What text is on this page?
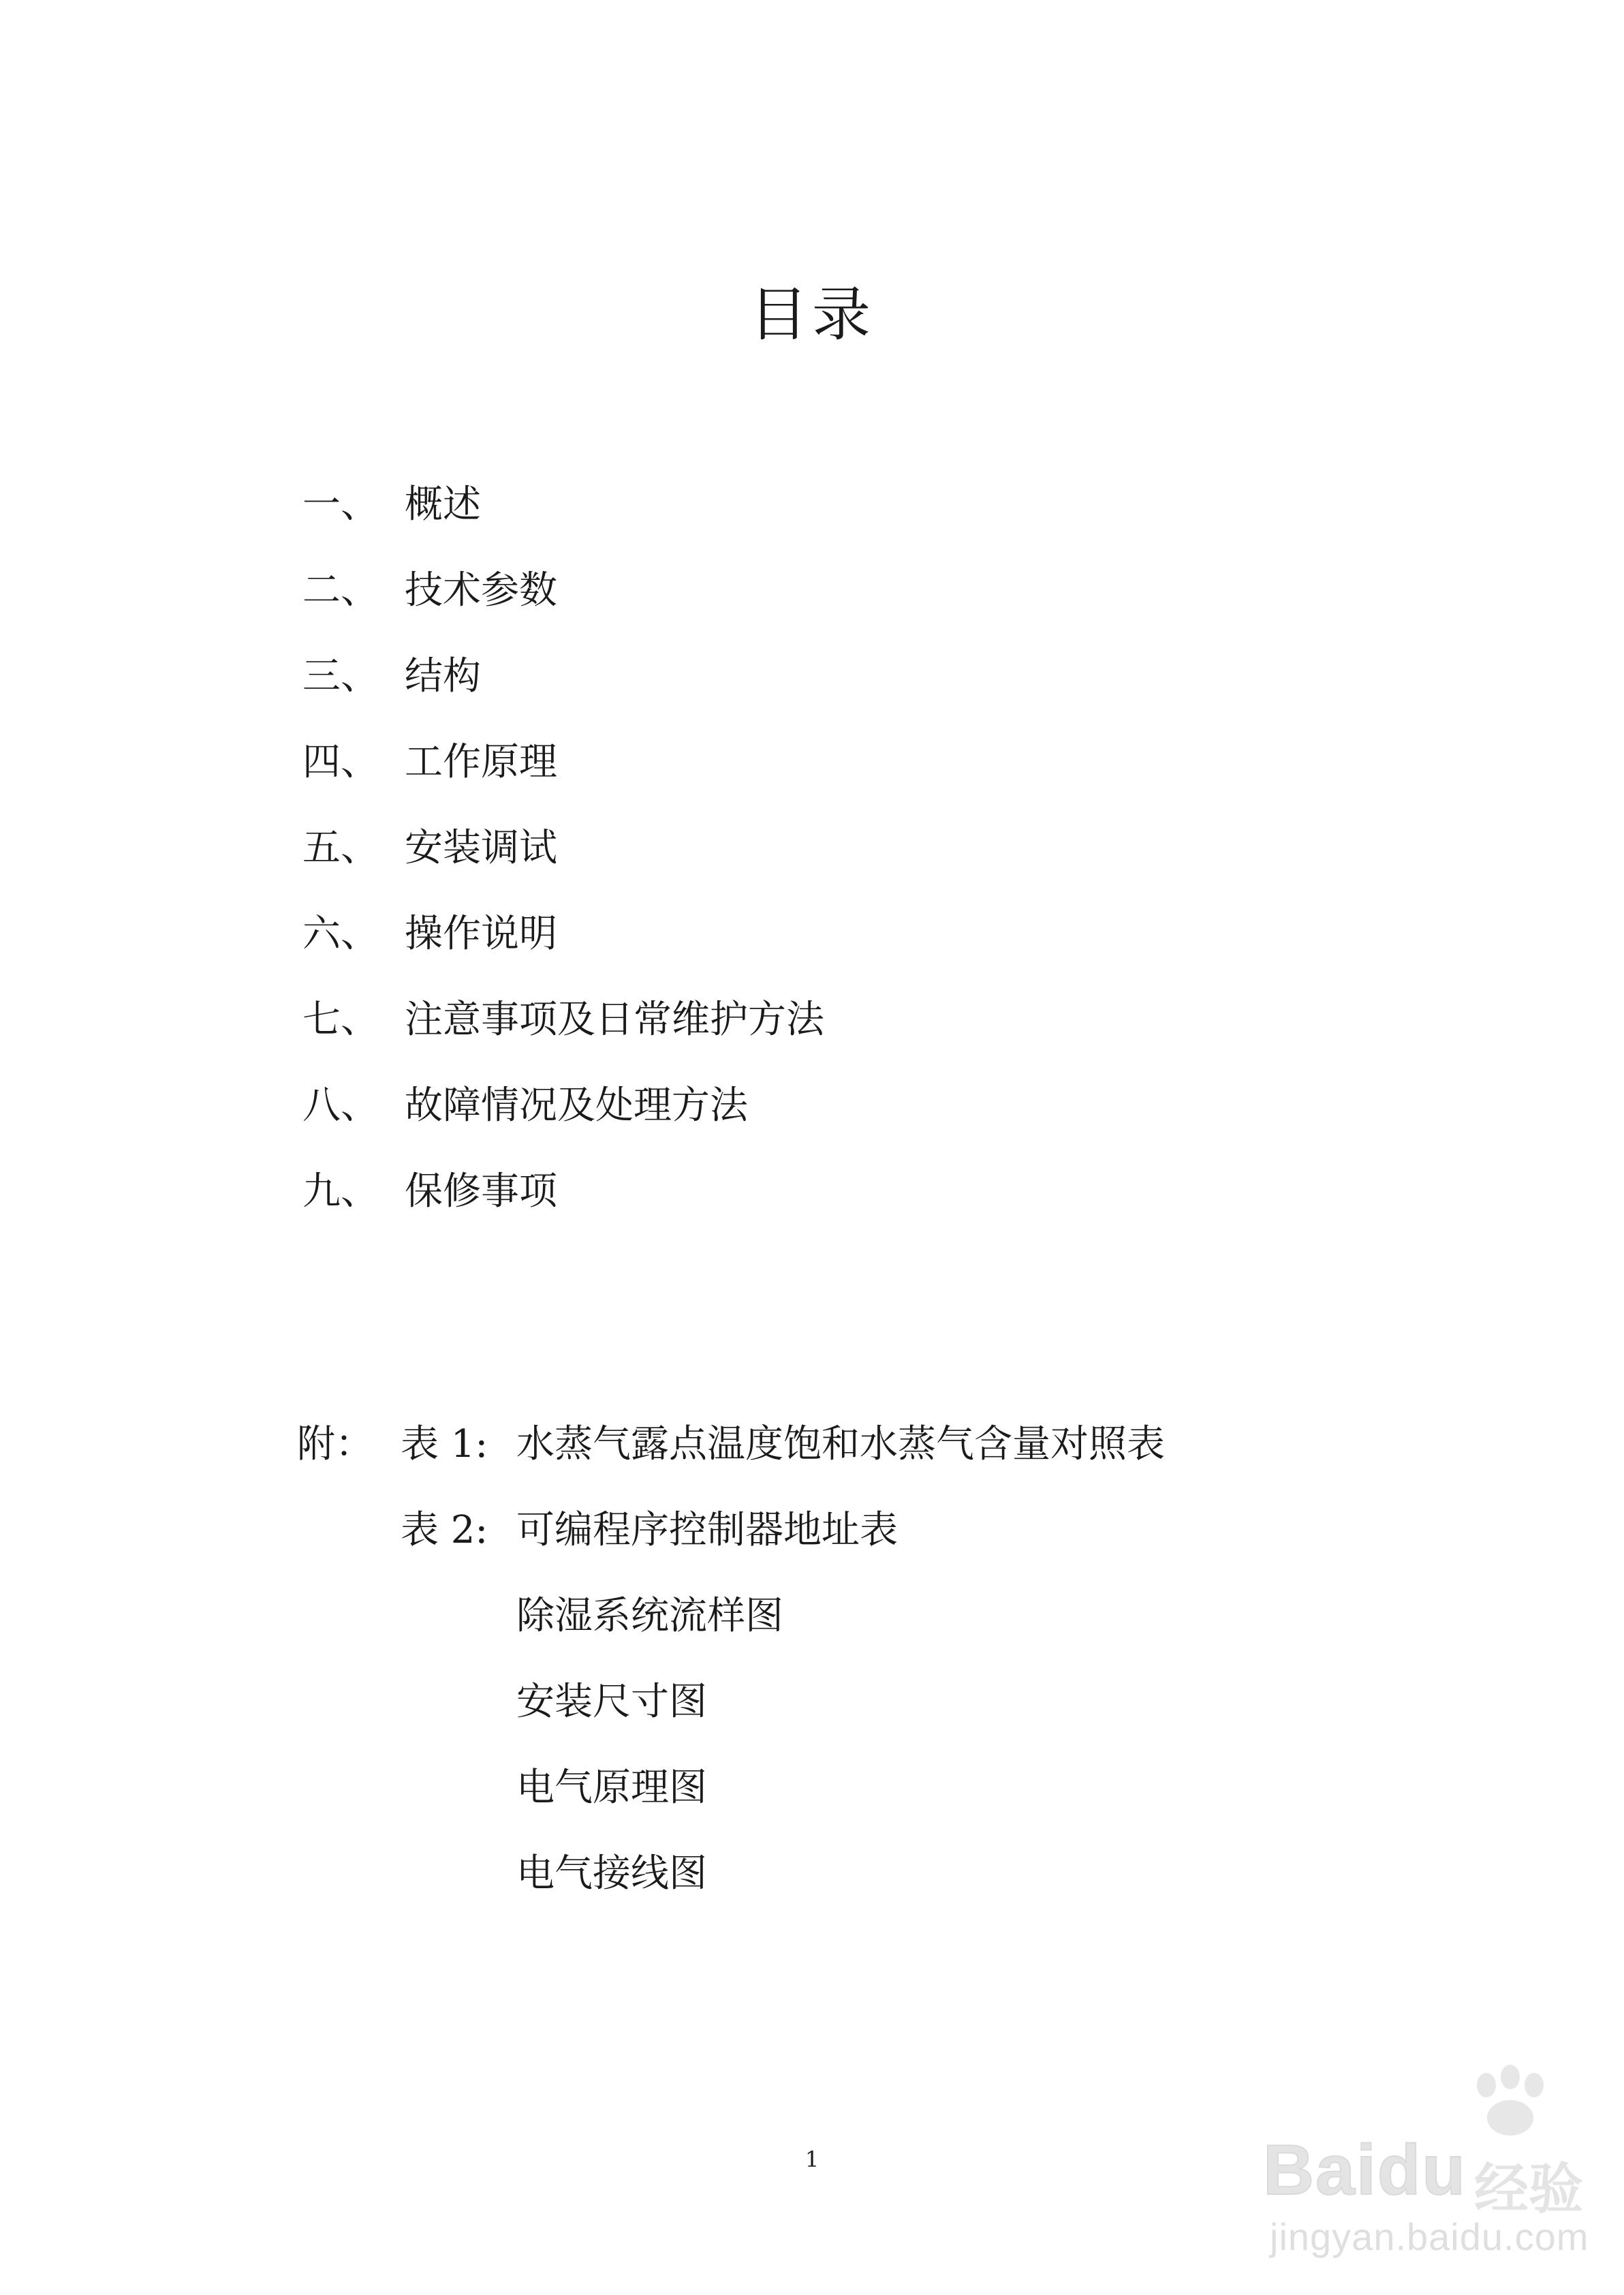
目录
一、 概述
二、 技术参数
三、 结构
四、 工作原理
五、 安装调试
六、 操作说明
七、 注意事项及日常维护方法
八、 故障情况及处理方法
九、 保修事项
附： 表 1: 水蒸气露点温度饱和水蒸气含量对照表
表 2: 可编程序控制器地址表
除湿系统流样图
安装尺寸图
电气原理图
电气接线图
1	Baidu 经验
jingyan.baidu.com
